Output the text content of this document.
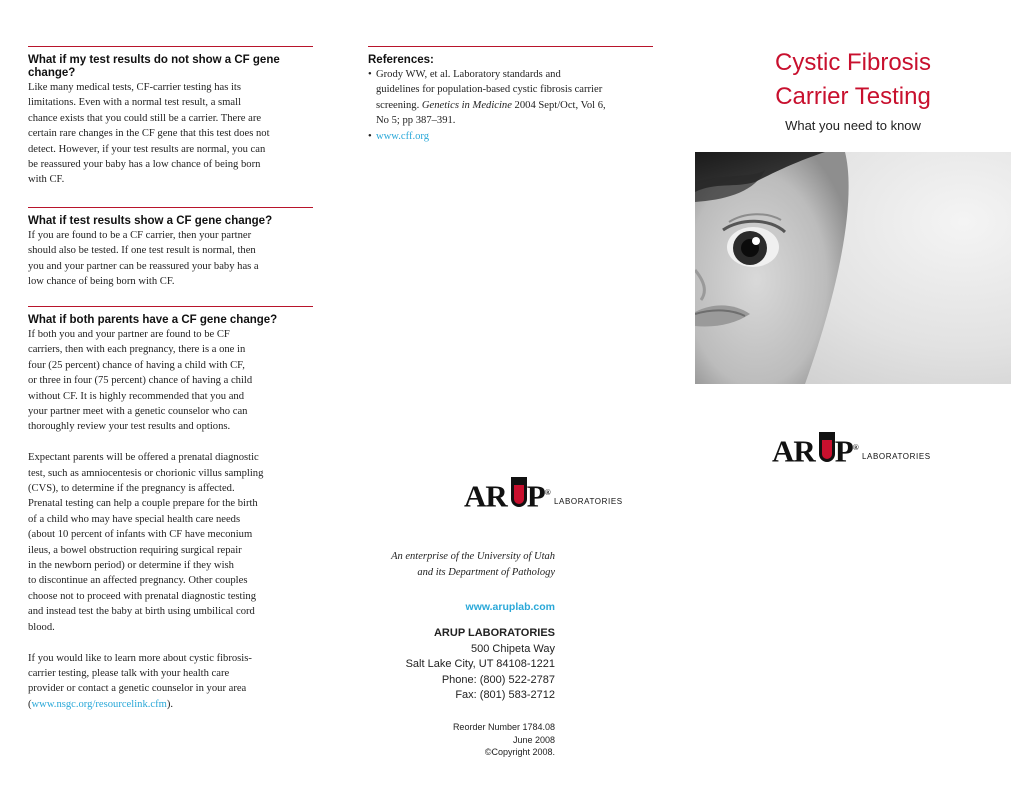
What if my test results do not show a CF gene change?

Like many medical tests, CF-carrier testing has its
limitations. Even with a normal test result, a small
chance exists that you could still be a carrier. There are
certain rare changes in the CF gene that this test does not
detect. However, if your test results are normal, you can
be reassured your baby has a low chance of being born
with CF.

What if test results show a CF gene change?

If you are found to be a CF carrier, then your partner
should also be tested. If one test result is normal, then
you and your partner can be reassured your baby has a
low chance of being born with CF.

What if both parents have a CF gene change?

If both you and your partner are found to be CF
carriers, then with each pregnancy, there is a one in
four (25 percent) chance of having a child with CF,
or three in four (75 percent) chance of having a child
without CF. It is highly recommended that you and
your partner meet with a genetic counselor who can
thoroughly review your test results and options.

Expectant parents will be offered a prenatal diagnostic
test, such as amniocentesis or chorionic villus sampling
(CVS), to determine if the pregnancy is affected.
Prenatal testing can help a couple prepare for the birth
of a child who may have special health care needs
(about 10 percent of infants with CF have meconium
ileus, a bowel obstruction requiring surgical repair
in the newborn period) or determine if they wish
to discontinue an affected pregnancy. Other couples
choose not to proceed with prenatal diagnostic testing
and instead test the baby at birth using umbilical cord
blood.

If you would like to learn more about cystic fibrosis-
carrier testing, please talk with your health care
provider or contact a genetic counselor in your area

(www.nsgc.org/resourcelink.cfm).

References:

• Grody WW, et al. Laboratory standards and
guidelines for population-based cystic fibrosis carrier
screening. Genetics in Medicine 2004 Sept/Oct, Vol 6,
No 5; pp 387–391.
• www.cff.org
AR P®
LABORATORIES
An enterprise of the University of Utah
and its Department of Pathology
www.aruplab.com
ARUP LABORATORIES
500 Chipeta Way
Salt Lake City, UT 84108-1221
Phone: (800) 522-2787
Fax: (801) 583-2712
Reorder Number 1784.08
June 2008
©Copyright 2008.
Cystic Fibrosis
Carrier Testing
What you need to know
AR P®
LABORATORIES
